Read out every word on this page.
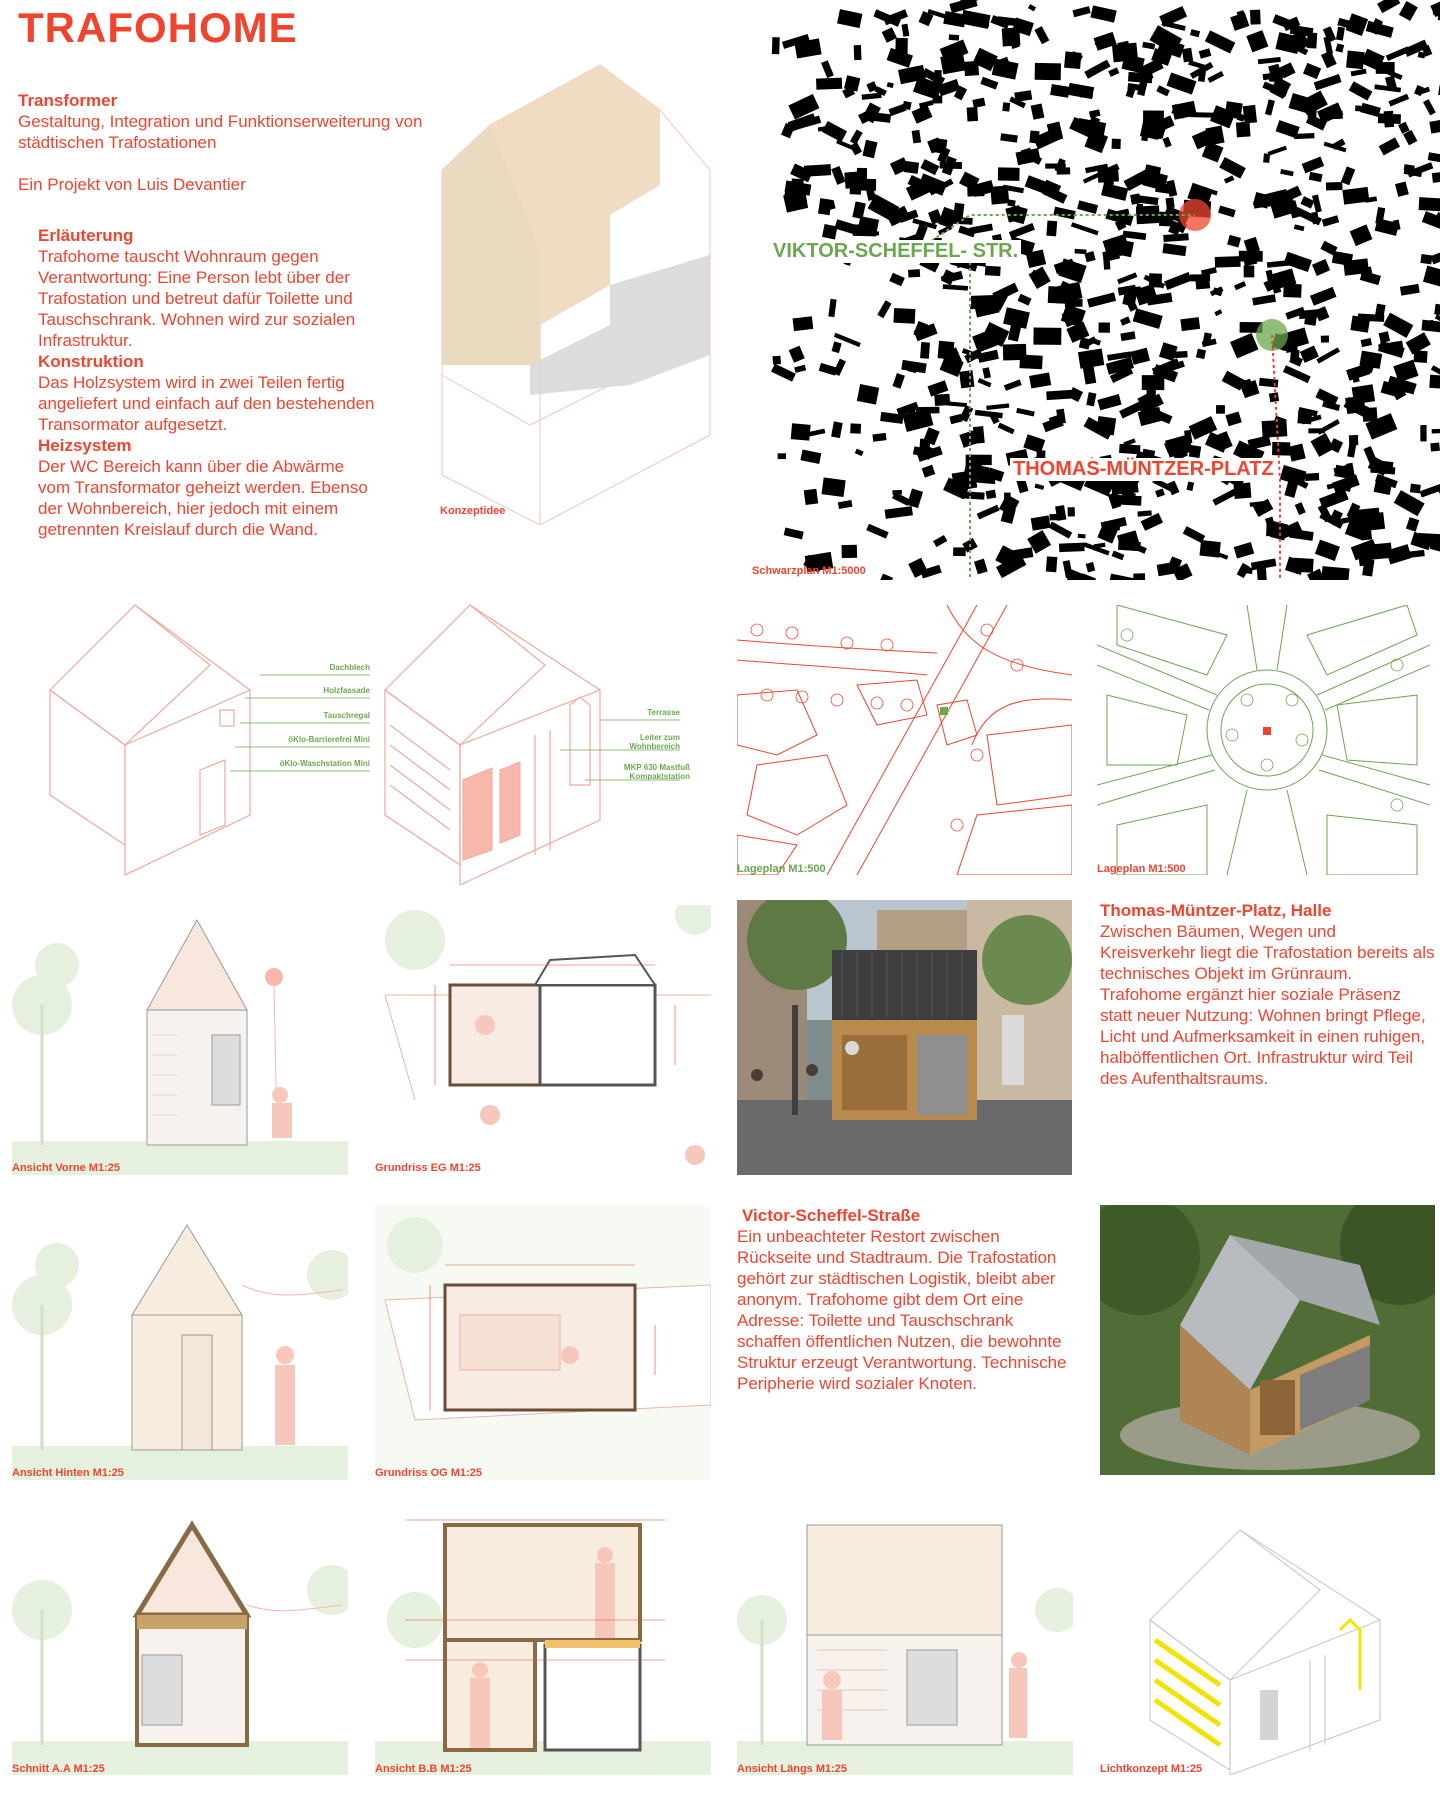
TRAFOHOME
Transformer
Gestaltung, Integration und Funktionserweiterung von städtischen Trafostationen
Ein Projekt von Luis Devantier
Erläuterung
Trafohome tauscht Wohnraum gegen Verantwortung: Eine Person lebt über der Trafostation und betreut dafür Toilette und Tauschschrank. Wohnen wird zur sozialen Infrastruktur.
Konstruktion
Das Holzsystem wird in zwei Teilen fertig angeliefert und einfach auf den bestehenden Transormator aufgesetzt.
Heizsystem
Der WC Bereich kann über die Abwärme vom Transformator geheizt werden. Ebenso der Wohnbereich, hier jedoch mit einem getrennten Kreislauf durch die Wand.
Konzeptidee
VIKTOR-SCHEFFEL- STR.
THOMAS-MÜNTZER-PLATZ
Schwarzplan M1:5000
Dachblech
Holzfassade
Tauschregal
öKlo-Barrierefrei Mini
öKlo-Waschstation Mini
Terrasse
Leiter zum Wohnbereich
MKP 630 Mastfuß Kompaktstation
Lageplan M1:500	Lageplan M1:500
Ansicht Vorne M1:25	Grundriss EG M1:25
Thomas-Müntzer-Platz, Halle
Zwischen Bäumen, Wegen und Kreisverkehr liegt die Trafostation bereits als technisches Objekt im Grünraum. Trafohome ergänzt hier soziale Präsenz statt neuer Nutzung: Wohnen bringt Pflege, Licht und Aufmerksamkeit in einen ruhigen, halböffentlichen Ort. Infrastruktur wird Teil des Aufenthaltsraums.
Ansicht Hinten M1:25	Grundriss OG M1:25
Victor-Scheffel-Straße
Ein unbeachteter Restort zwischen Rückseite und Stadtraum. Die Trafostation gehört zur städtischen Logistik, bleibt aber anonym. Trafohome gibt dem Ort eine Adresse: Toilette und Tauschschrank schaffen öffentlichen Nutzen, die bewohnte Struktur erzeugt Verantwortung. Technische Peripherie wird sozialer Knoten.
Schnitt A.A M1:25	Ansicht B.B M1:25	Ansicht Längs M1:25	Lichtkonzept M1:25
